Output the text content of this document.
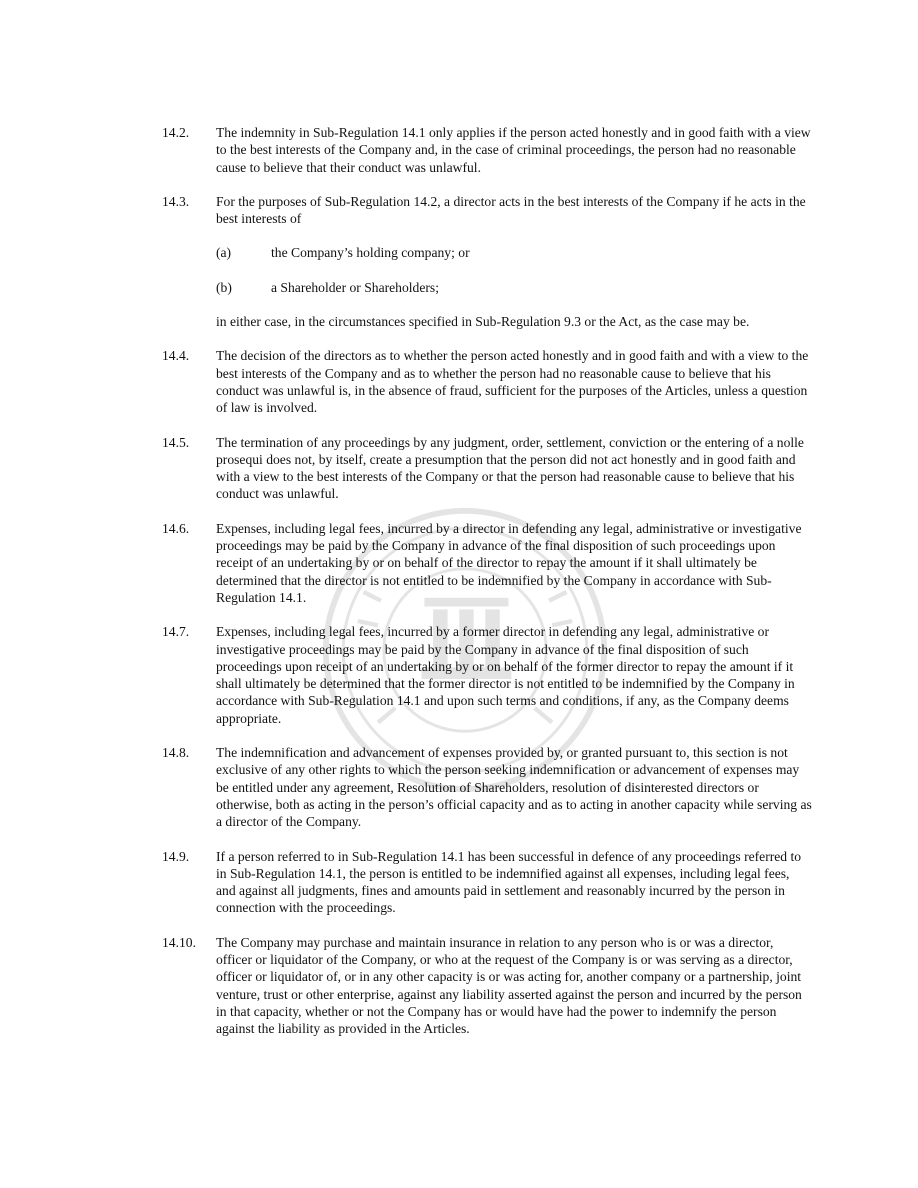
14.2.	The indemnity in Sub-Regulation 14.1 only applies if the person acted honestly and in good faith with a view to the best interests of the Company and, in the case of criminal proceedings, the person had no reasonable cause to believe that their conduct was unlawful.

14.3.	For the purposes of Sub-Regulation 14.2, a director acts in the best interests of the Company if he acts in the best interests of

(a)	the Company’s holding company; or
(b)	a Shareholder or Shareholders;

in either case, in the circumstances specified in Sub-Regulation 9.3 or the Act, as the case may be.

14.4.	The decision of the directors as to whether the person acted honestly and in good faith and with a view to the best interests of the Company and as to whether the person had no reasonable cause to believe that his conduct was unlawful is, in the absence of fraud, sufficient for the purposes of the Articles, unless a question of law is involved.

14.5.	The termination of any proceedings by any judgment, order, settlement, conviction or the entering of a nolle prosequi does not, by itself, create a presumption that the person did not act honestly and in good faith and with a view to the best interests of the Company or that the person had reasonable cause to believe that his conduct was unlawful.

14.6.	Expenses, including legal fees, incurred by a director in defending any legal, administrative or investigative proceedings may be paid by the Company in advance of the final disposition of such proceedings upon receipt of an undertaking by or on behalf of the director to repay the amount if it shall ultimately be determined that the director is not entitled to be indemnified by the Company in accordance with Sub-Regulation 14.1.

14.7.	Expenses, including legal fees, incurred by a former director in defending any legal, administrative or investigative proceedings may be paid by the Company in advance of the final disposition of such proceedings upon receipt of an undertaking by or on behalf of the former director to repay the amount if it shall ultimately be determined that the former director is not entitled to be indemnified by the Company in accordance with Sub-Regulation 14.1 and upon such terms and conditions, if any, as the Company deems appropriate.

14.8.	The indemnification and advancement of expenses provided by, or granted pursuant to, this section is not exclusive of any other rights to which the person seeking indemnification or advancement of expenses may be entitled under any agreement, Resolution of Shareholders, resolution of disinterested directors or otherwise, both as acting in the person’s official capacity and as to acting in another capacity while serving as a director of the Company.

14.9.	If a person referred to in Sub-Regulation 14.1 has been successful in defence of any proceedings referred to in Sub-Regulation 14.1, the person is entitled to be indemnified against all expenses, including legal fees, and against all judgments, fines and amounts paid in settlement and reasonably incurred by the person in connection with the proceedings.

14.10.	The Company may purchase and maintain insurance in relation to any person who is or was a director, officer or liquidator of the Company, or who at the request of the Company is or was serving as a director, officer or liquidator of, or in any other capacity is or was acting for, another company or a partnership, joint venture, trust or other enterprise, against any liability asserted against the person and incurred by the person in that capacity, whether or not the Company has or would have had the power to indemnify the person against the liability as provided in the Articles.
